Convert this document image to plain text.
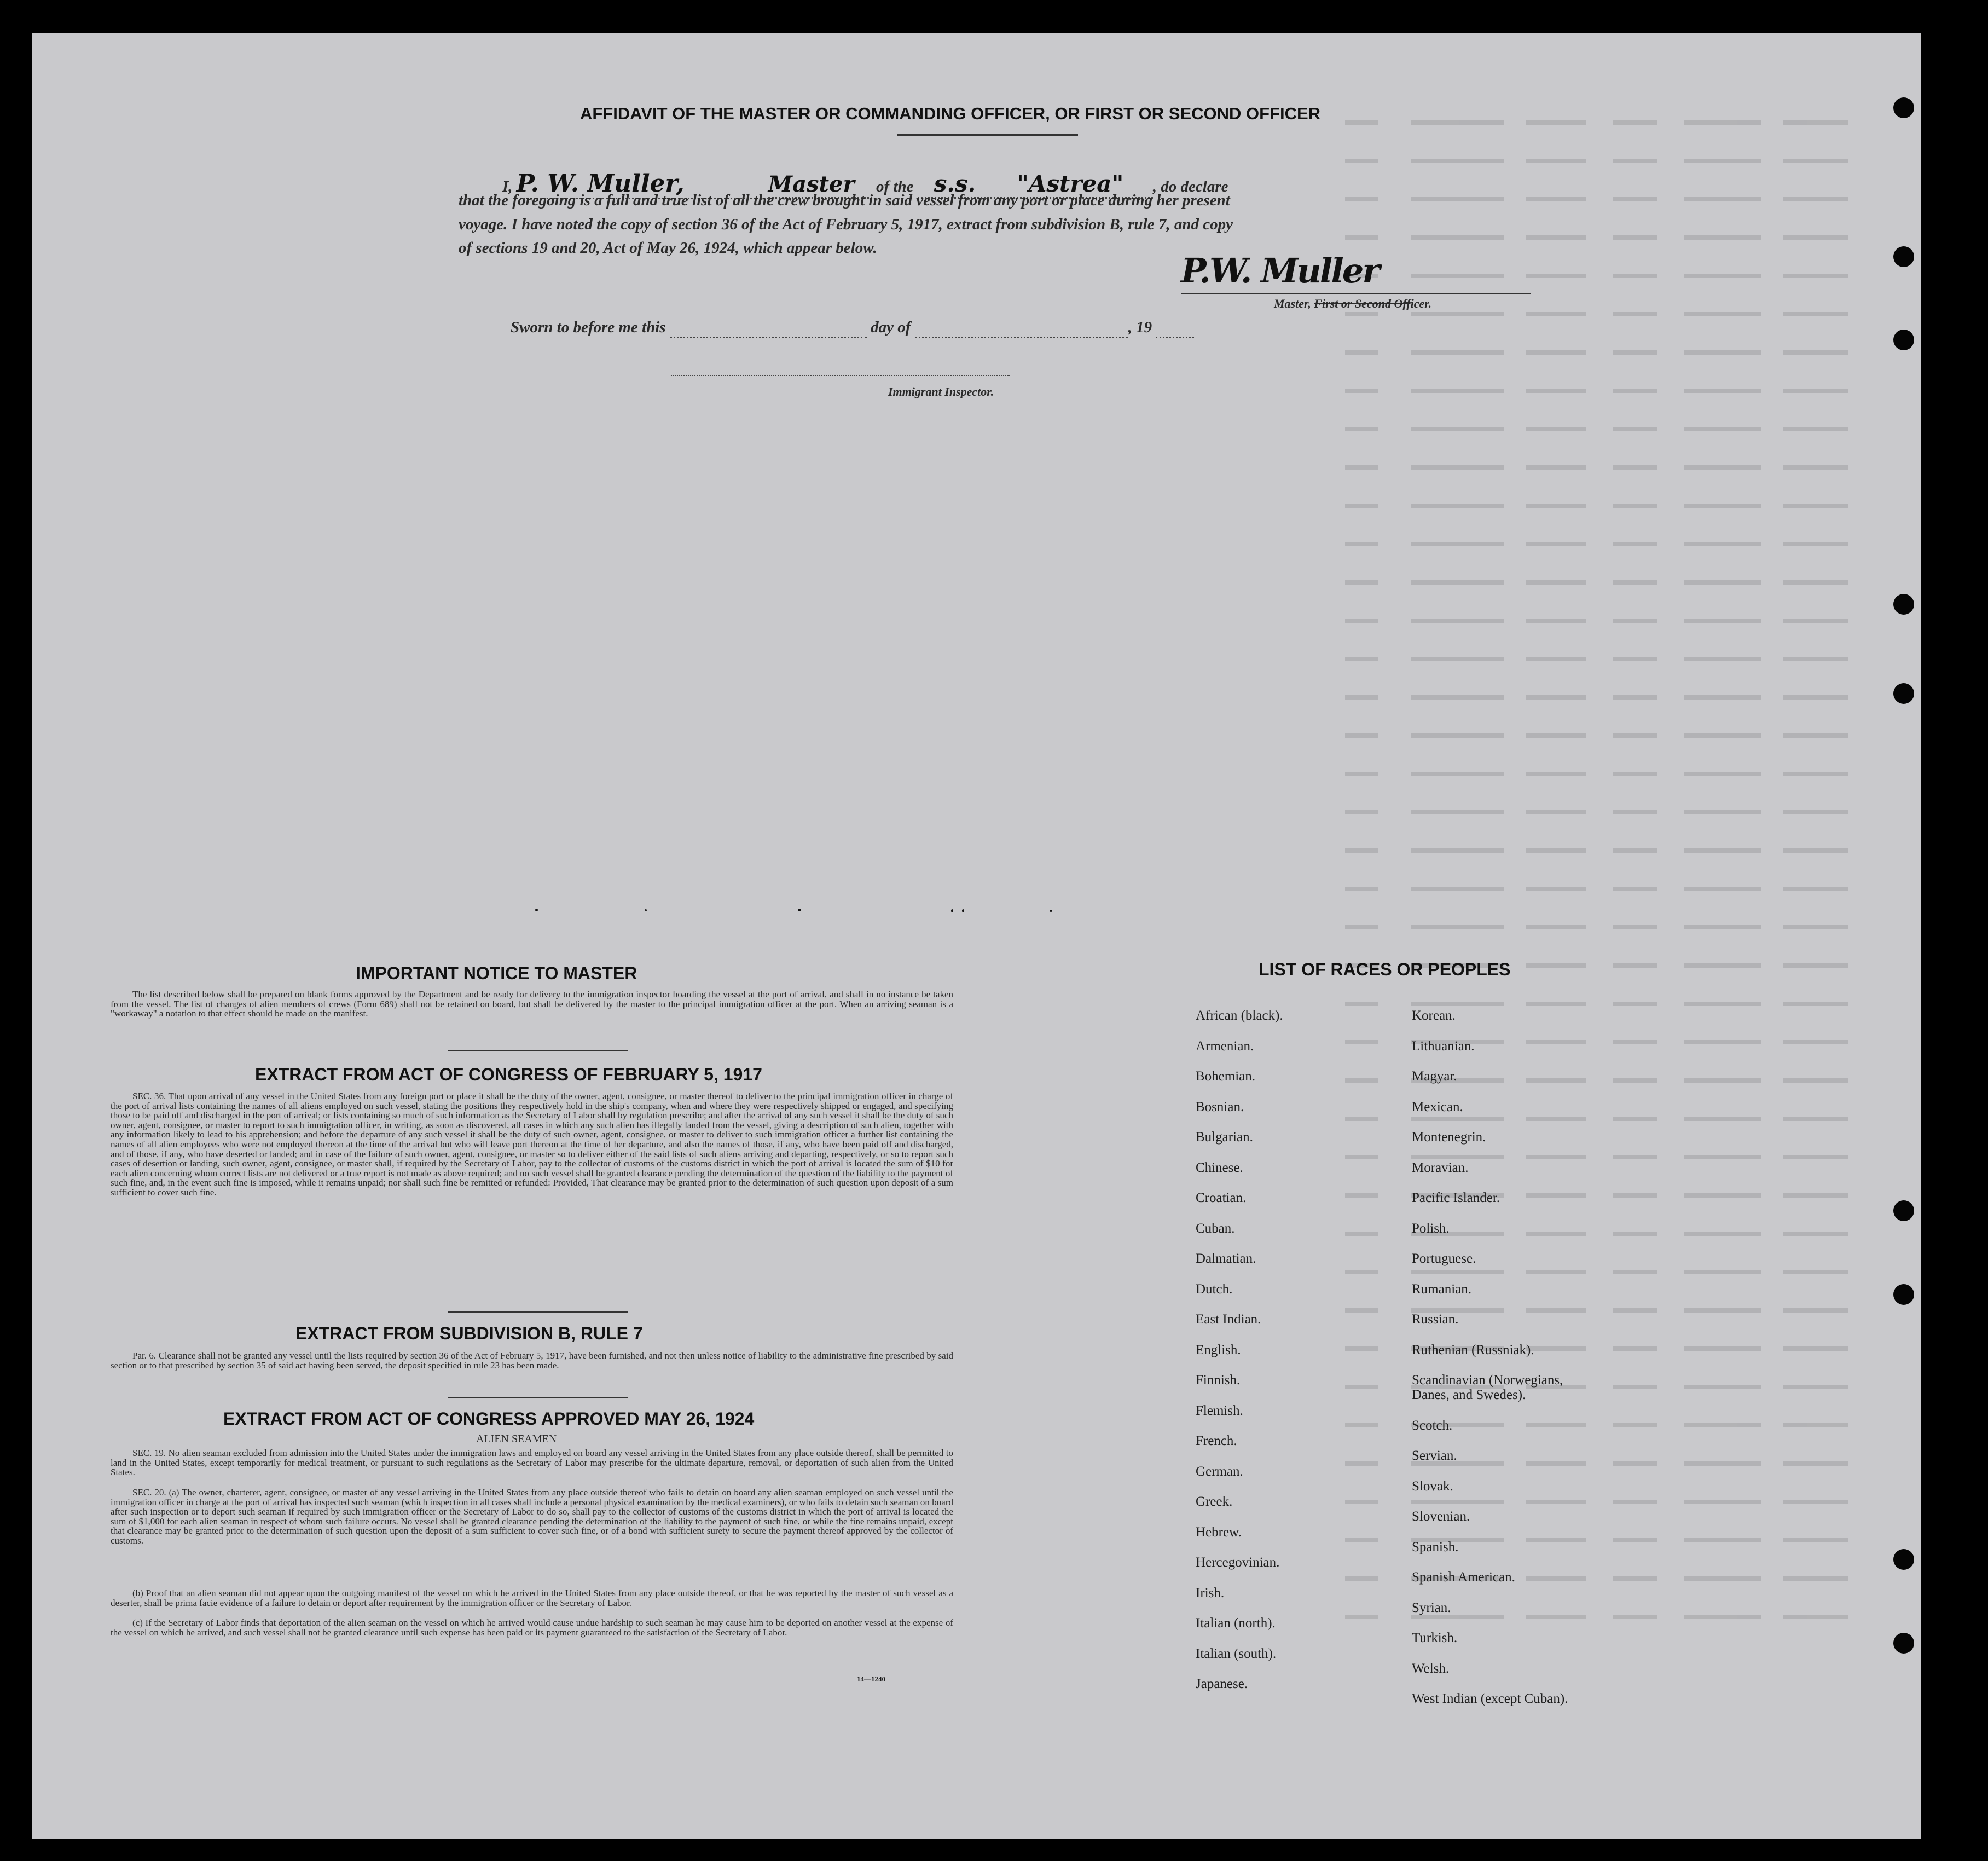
AFFIDAVIT OF THE MASTER OR COMMANDING OFFICER, OR FIRST OR SECOND OFFICER
I, P. W. Muller,	Master of the s.s. "Astrea" , do declare
that the foregoing is a full and true list of all the crew brought in said vessel from any port or place during her present
voyage. I have noted the copy of section 36 of the Act of February 5, 1917, extract from subdivision B, rule 7, and copy
of sections 19 and 20, Act of May 26, 1924, which appear below.
P.W. Muller
Master, First or Second Officer.
Sworn to before me this	day of	, 19
Immigrant Inspector.
IMPORTANT NOTICE TO MASTER
The list described below shall be prepared on blank forms approved by the Department and be ready for delivery to the immigration inspector boarding the vessel at the port of arrival, and shall in no instance be taken from the vessel. The list of changes of alien members of crews (Form 689) shall not be retained on board, but shall be delivered by the master to the principal immigration officer at the port. When an arriving seaman is a "workaway" a notation to that effect should be made on the manifest.
EXTRACT FROM ACT OF CONGRESS OF FEBRUARY 5, 1917
SEC. 36. That upon arrival of any vessel in the United States from any foreign port or place it shall be the duty of the owner, agent, consignee, or master thereof to deliver to the principal immigration officer in charge of the port of arrival lists containing the names of all aliens employed on such vessel, stating the positions they respectively hold in the ship's company, when and where they were respectively shipped or engaged, and specifying those to be paid off and discharged in the port of arrival; or lists containing so much of such information as the Secretary of Labor shall by regulation prescribe; and after the arrival of any such vessel it shall be the duty of such owner, agent, consignee, or master to report to such immigration officer, in writing, as soon as discovered, all cases in which any such alien has illegally landed from the vessel, giving a description of such alien, together with any information likely to lead to his apprehension; and before the departure of any such vessel it shall be the duty of such owner, agent, consignee, or master to deliver to such immigration officer a further list containing the names of all alien employees who were not employed thereon at the time of the arrival but who will leave port thereon at the time of her departure, and also the names of those, if any, who have been paid off and discharged, and of those, if any, who have deserted or landed; and in case of the failure of such owner, agent, consignee, or master so to deliver either of the said lists of such aliens arriving and departing, respectively, or so to report such cases of desertion or landing, such owner, agent, consignee, or master shall, if required by the Secretary of Labor, pay to the collector of customs of the customs district in which the port of arrival is located the sum of $10 for each alien concerning whom correct lists are not delivered or a true report is not made as above required; and no such vessel shall be granted clearance pending the determination of the question of the liability to the payment of such fine, and, in the event such fine is imposed, while it remains unpaid; nor shall such fine be remitted or refunded: Provided, That clearance may be granted prior to the determination of such question upon deposit of a sum sufficient to cover such fine.
EXTRACT FROM SUBDIVISION B, RULE 7
Par. 6. Clearance shall not be granted any vessel until the lists required by section 36 of the Act of February 5, 1917, have been furnished, and not then unless notice of liability to the administrative fine prescribed by said section or to that prescribed by section 35 of said act having been served, the deposit specified in rule 23 has been made.
EXTRACT FROM ACT OF CONGRESS APPROVED MAY 26, 1924
ALIEN SEAMEN
SEC. 19. No alien seaman excluded from admission into the United States under the immigration laws and employed on board any vessel arriving in the United States from any place outside thereof, shall be permitted to land in the United States, except temporarily for medical treatment, or pursuant to such regulations as the Secretary of Labor may prescribe for the ultimate departure, removal, or deportation of such alien from the United States.
SEC. 20. (a) The owner, charterer, agent, consignee, or master of any vessel arriving in the United States from any place outside thereof who fails to detain on board any alien seaman employed on such vessel until the immigration officer in charge at the port of arrival has inspected such seaman (which inspection in all cases shall include a personal physical examination by the medical examiners), or who fails to detain such seaman on board after such inspection or to deport such seaman if required by such immigration officer or the Secretary of Labor to do so, shall pay to the collector of customs of the customs district in which the port of arrival is located the sum of $1,000 for each alien seaman in respect of whom such failure occurs. No vessel shall be granted clearance pending the determination of the liability to the payment of such fine, or while the fine remains unpaid, except that clearance may be granted prior to the determination of such question upon the deposit of a sum sufficient to cover such fine, or of a bond with sufficient surety to secure the payment thereof approved by the collector of customs.
(b) Proof that an alien seaman did not appear upon the outgoing manifest of the vessel on which he arrived in the United States from any place outside thereof, or that he was reported by the master of such vessel as a deserter, shall be prima facie evidence of a failure to detain or deport after requirement by the immigration officer or the Secretary of Labor.
(c) If the Secretary of Labor finds that deportation of the alien seaman on the vessel on which he arrived would cause undue hardship to such seaman he may cause him to be deported on another vessel at the expense of the vessel on which he arrived, and such vessel shall not be granted clearance until such expense has been paid or its payment guaranteed to the satisfaction of the Secretary of Labor.
14—1240
LIST OF RACES OR PEOPLES
African (black).
Armenian.
Bohemian.
Bosnian.
Bulgarian.
Chinese.
Croatian.
Cuban.
Dalmatian.
Dutch.
East Indian.
English.
Finnish.
Flemish.
French.
German.
Greek.
Hebrew.
Hercegovinian.
Irish.
Italian (north).
Italian (south).
Japanese.
Korean.
Lithuanian.
Magyar.
Mexican.
Montenegrin.
Moravian.
Pacific Islander.
Polish.
Portuguese.
Rumanian.
Russian.
Ruthenian (Russniak).
Scandinavian (Norwegians,
Danes, and Swedes).
Scotch.
Servian.
Slovak.
Slovenian.
Spanish.
Spanish American.
Syrian.
Turkish.
Welsh.
West Indian (except Cuban).
